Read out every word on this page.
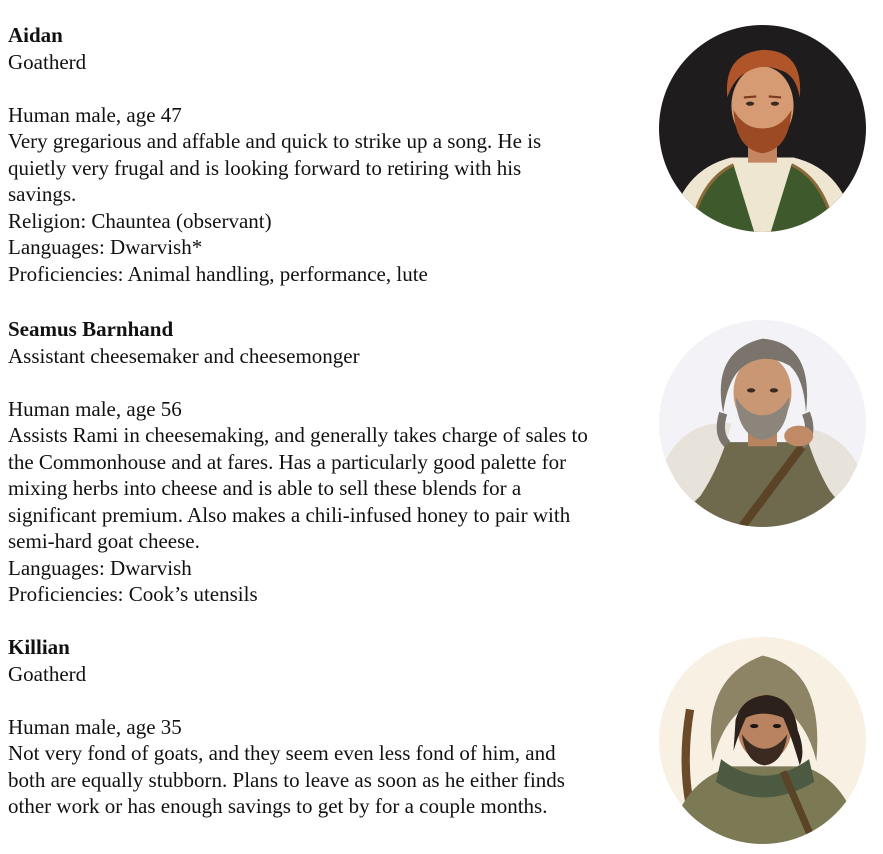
Aidan

Goatherd

Human male, age 47

Very gregarious and affable and quick to strike up a song. He is

quietly very frugal and is looking forward to retiring with his

savings.

Religion: Chauntea (observant)

Languages: Dwarvish*

Proficiencies: Animal handling, performance, lute

Seamus Barnhand

Assistant cheesemaker and cheesemonger

Human male, age 56

Assists Rami in cheesemaking, and generally takes charge of sales to

the Commonhouse and at fares. Has a particularly good palette for

mixing herbs into cheese and is able to sell these blends for a

significant premium. Also makes a chili-infused honey to pair with

semi-hard goat cheese.

Languages: Dwarvish

Proficiencies: Cook’s utensils

Killian

Goatherd

Human male, age 35

Not very fond of goats, and they seem even less fond of him, and

both are equally stubborn. Plans to leave as soon as he either finds

other work or has enough savings to get by for a couple months.
